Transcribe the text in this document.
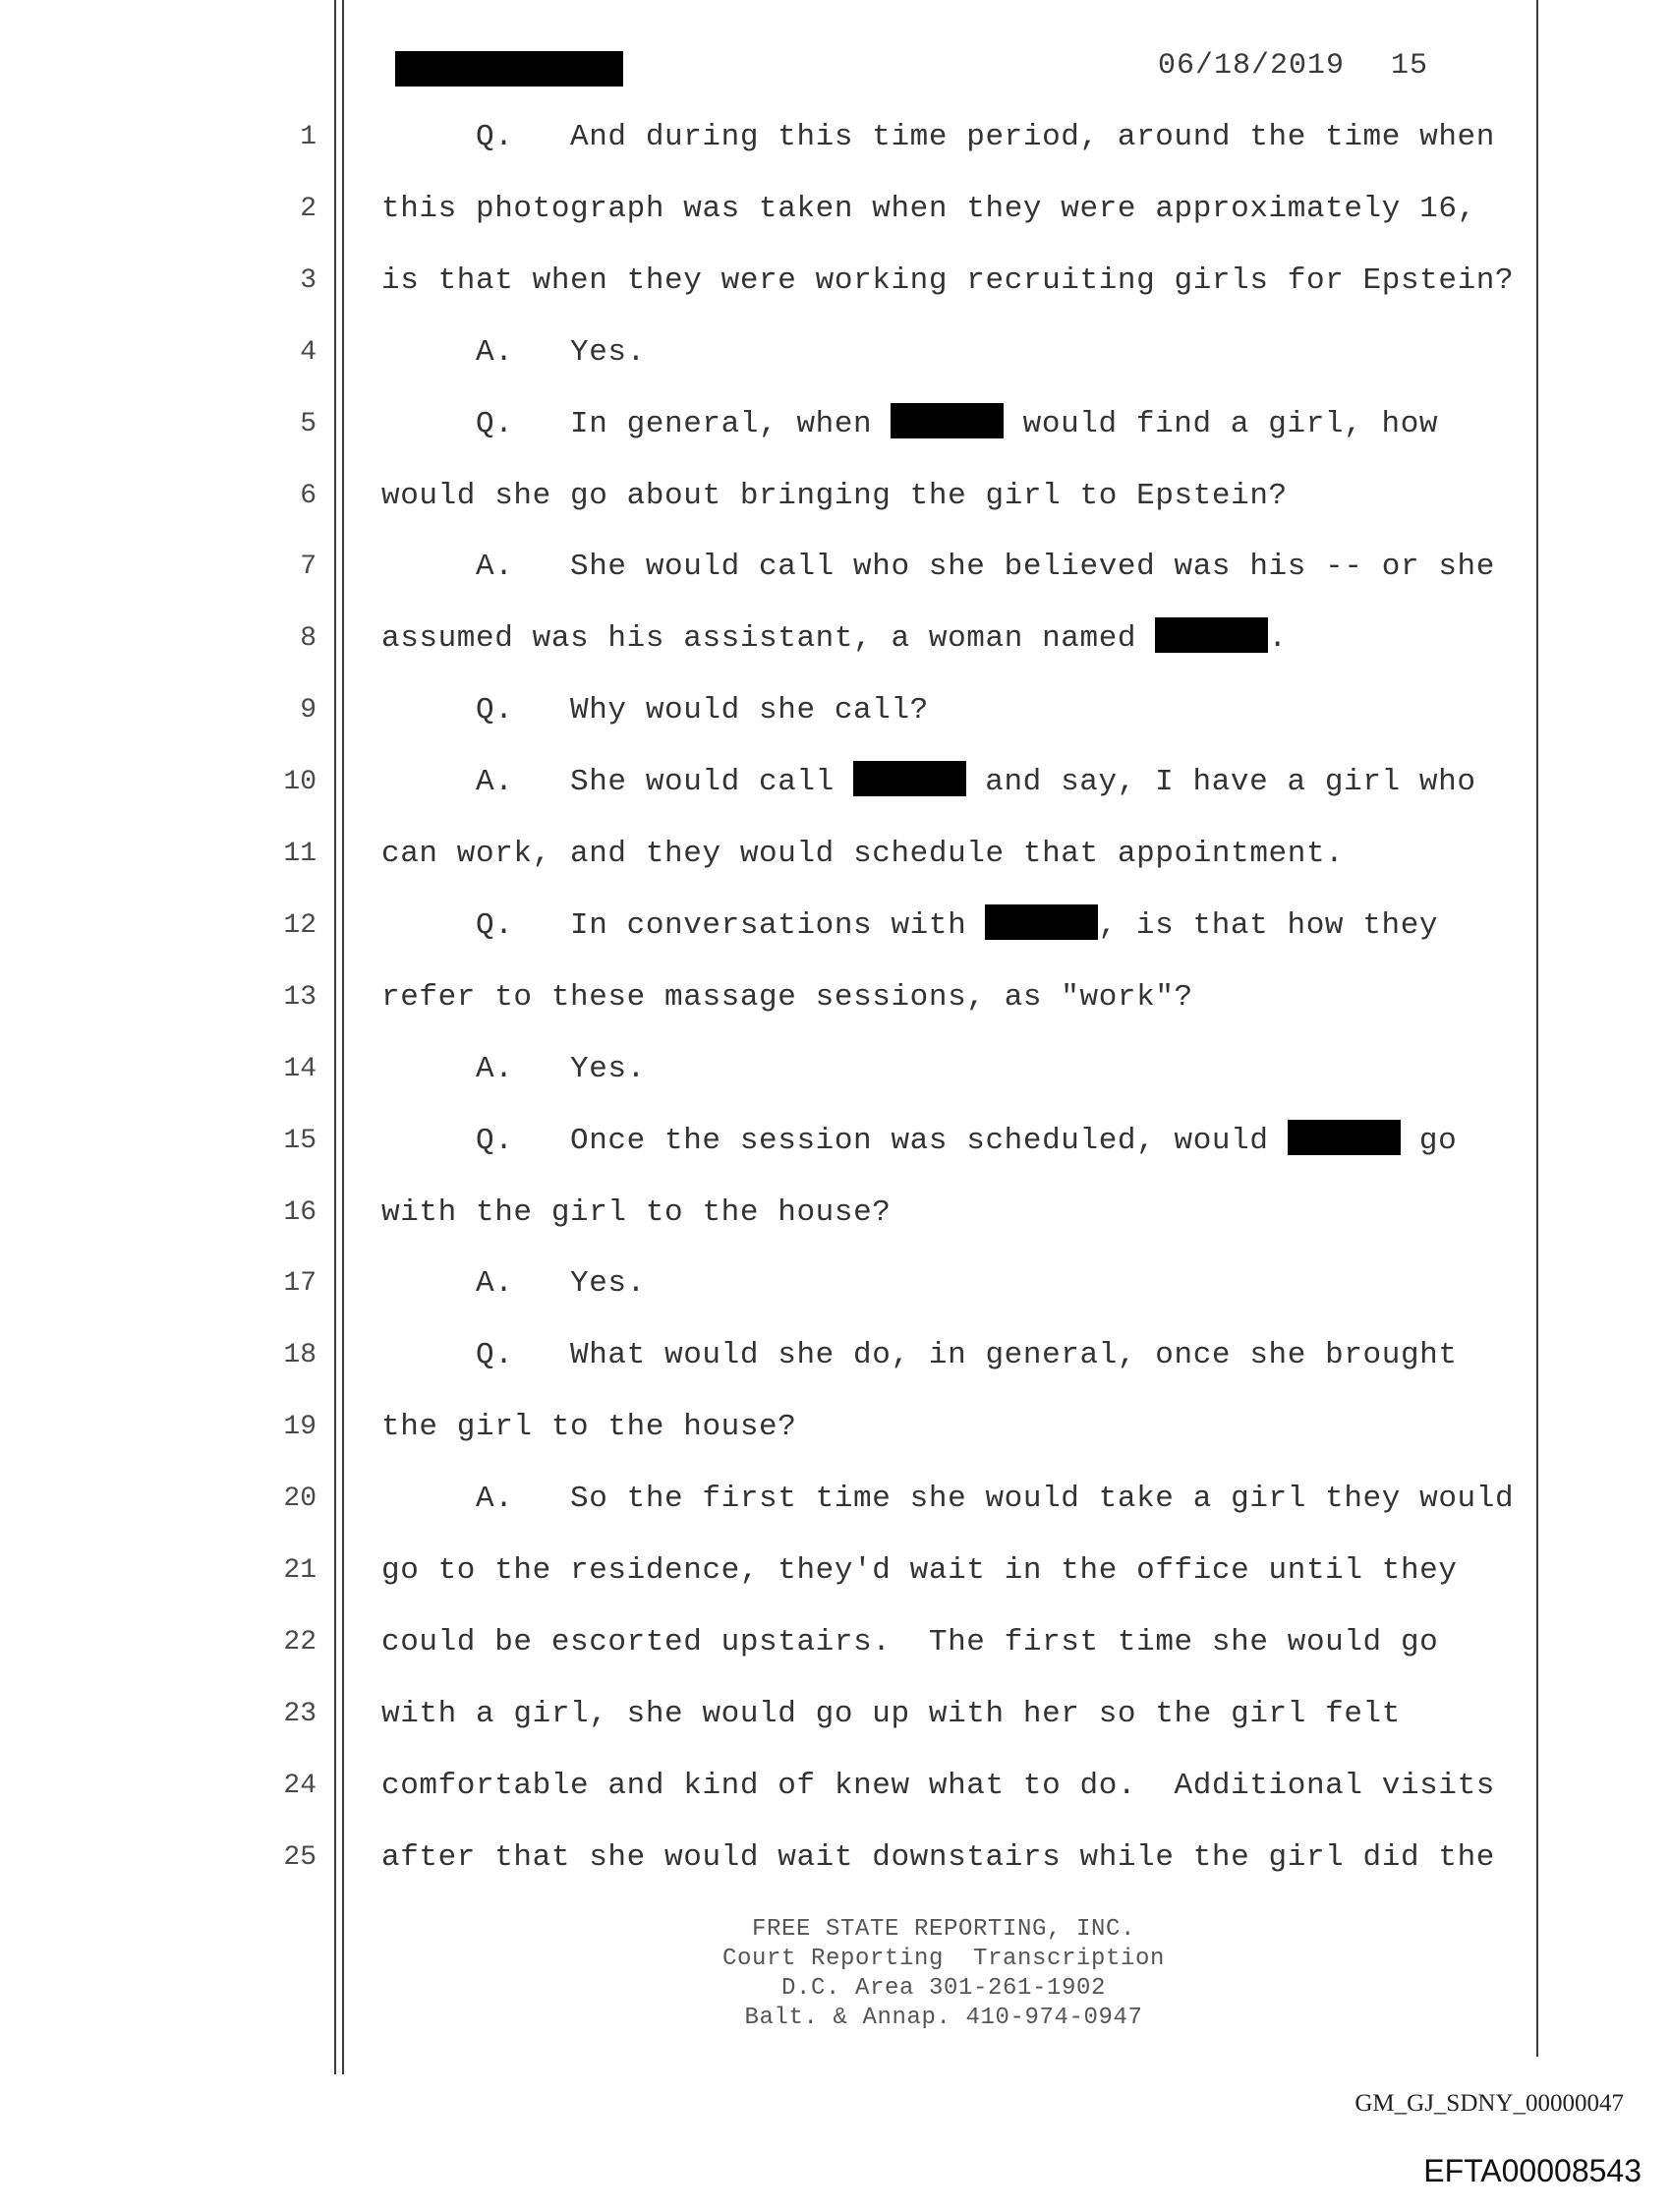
06/18/2019 15
1	Q.   And during this time period, around the time when
2 this photograph was taken when they were approximately 16,
3 is that when they were working recruiting girls for Epstein?
4	A.   Yes.
5	Q.   In general, when	would find a girl, how
6 would she go about bringing the girl to Epstein?
7	A.   She would call who she believed was his -- or she
8 assumed was his assistant, a woman named	.
9	Q.   Why would she call?
10	A.   She would call	and say, I have a girl who
11 can work, and they would schedule that appointment.
12	Q.   In conversations with	, is that how they
13 refer to these massage sessions, as "work"?
14	A.   Yes.
15	Q.   Once the session was scheduled, would	go
16 with the girl to the house?
17	A.   Yes.
18	Q.   What would she do, in general, once she brought
19 the girl to the house?
20	A.   So the first time she would take a girl they would
21 go to the residence, they'd wait in the office until they
22 could be escorted upstairs.  The first time she would go
23 with a girl, she would go up with her so the girl felt
24 comfortable and kind of knew what to do.  Additional visits
25 after that she would wait downstairs while the girl did the
FREE STATE REPORTING, INC.
Court Reporting  Transcription
D.C. Area 301-261-1902
Balt. & Annap. 410-974-0947
GM_GJ_SDNY_00000047
EFTA00008543
